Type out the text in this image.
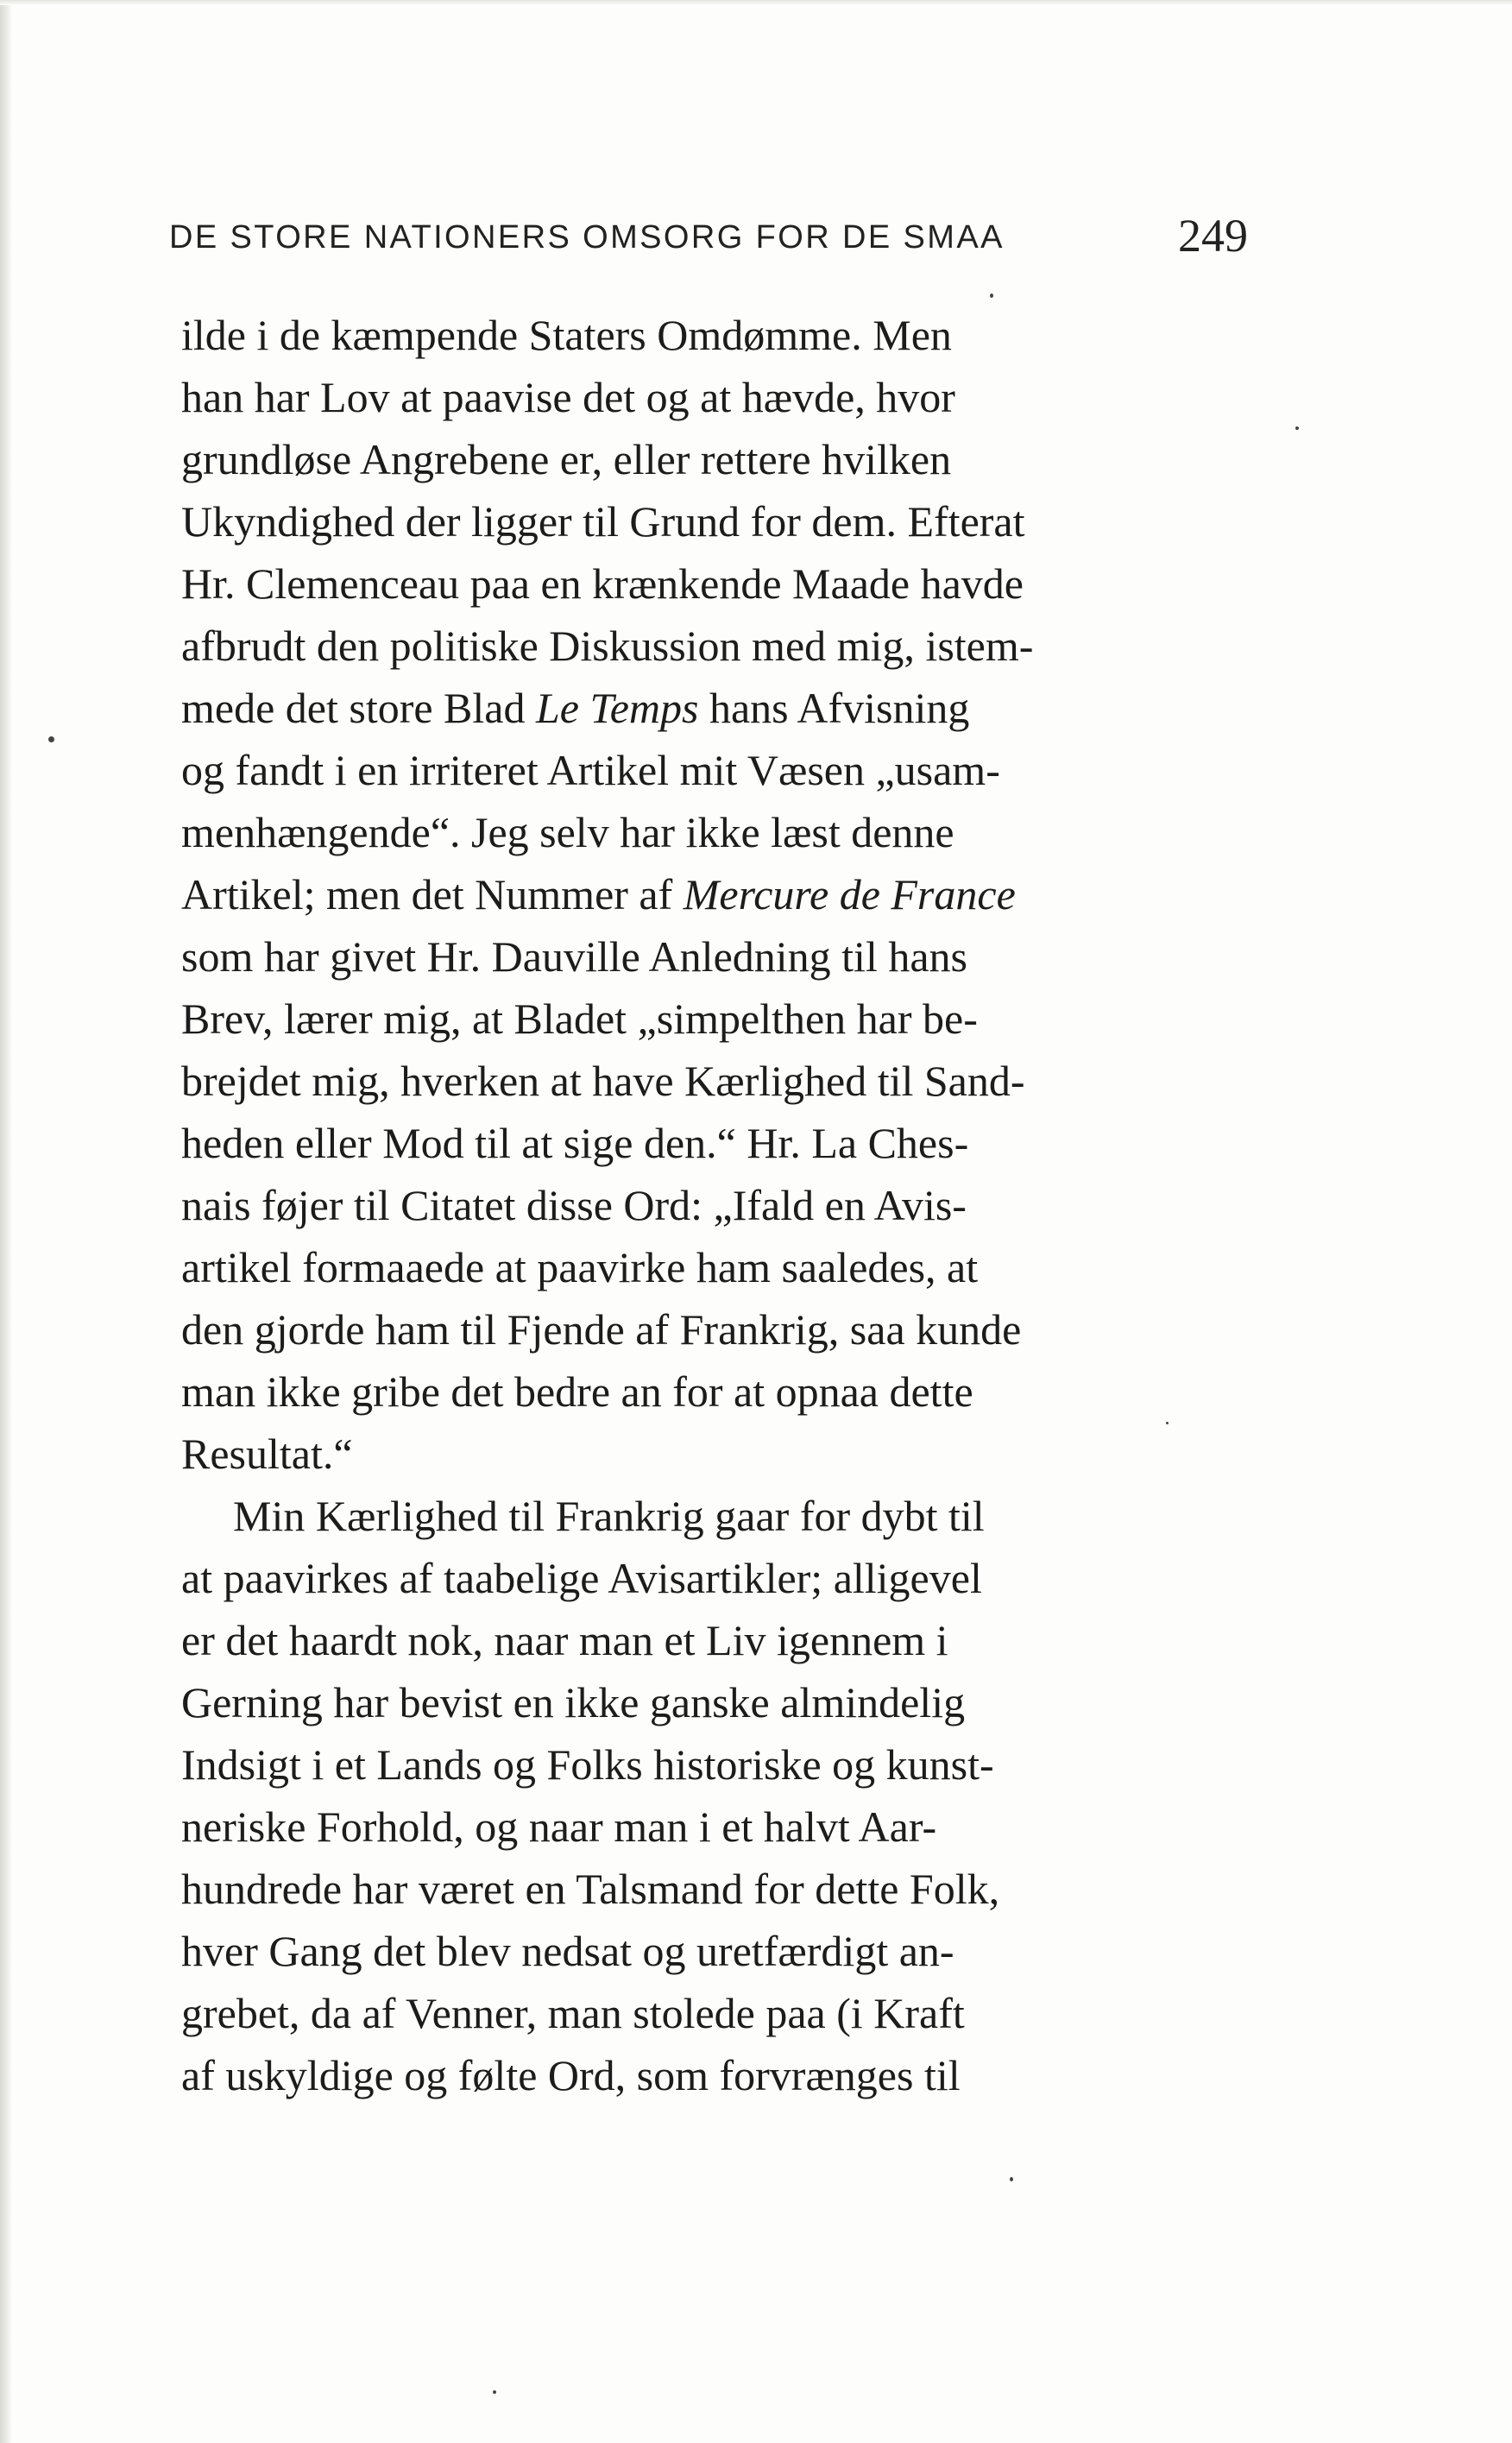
DE STORE NATIONERS OMSORG FOR DE SMAA	249
ilde i de kæmpende Staters Omdømme. Men
han har Lov at paavise det og at hævde, hvor
grundløse Angrebene er, eller rettere hvilken
Ukyndighed der ligger til Grund for dem. Efterat
Hr. Clemenceau paa en krænkende Maade havde
afbrudt den politiske Diskussion med mig, istem-
mede det store Blad Le Temps hans Afvisning
og fandt i en irriteret Artikel mit Væsen „usam-
menhængende“. Jeg selv har ikke læst denne
Artikel; men det Nummer af Mercure de France
som har givet Hr. Dauville Anledning til hans
Brev, lærer mig, at Bladet „simpelthen har be-
brejdet mig, hverken at have Kærlighed til Sand-
heden eller Mod til at sige den.“ Hr. La Ches-
nais føjer til Citatet disse Ord: „Ifald en Avis-
artikel formaaede at paavirke ham saaledes, at
den gjorde ham til Fjende af Frankrig, saa kunde
man ikke gribe det bedre an for at opnaa dette
Resultat.“
Min Kærlighed til Frankrig gaar for dybt til
at paavirkes af taabelige Avisartikler; alligevel
er det haardt nok, naar man et Liv igennem i
Gerning har bevist en ikke ganske almindelig
Indsigt i et Lands og Folks historiske og kunst-
neriske Forhold, og naar man i et halvt Aar-
hundrede har været en Talsmand for dette Folk,
hver Gang det blev nedsat og uretfærdigt an-
grebet, da af Venner, man stolede paa (i Kraft
af uskyldige og følte Ord, som forvrænges til
